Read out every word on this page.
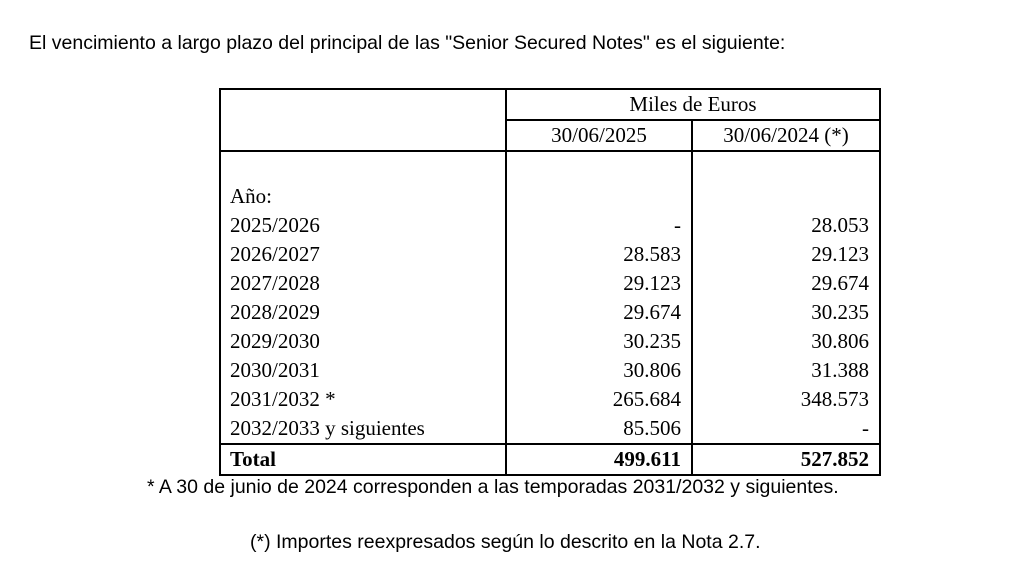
El vencimiento a largo plazo del principal de las "Senior Secured Notes" es el siguiente:
	Miles de Euros	
	30/06/2025	30/06/2024 (*)

Año:		
2025/2026	-	28.053
2026/2027	28.583	29.123
2027/2028	29.123	29.674
2028/2029	29.674	30.235
2029/2030	30.235	30.806
2030/2031	30.806	31.388
2031/2032 *	265.684	348.573
2032/2033 y siguientes	85.506	-
Total	499.611	527.852
* A 30 de junio de 2024 corresponden a las temporadas 2031/2032 y siguientes.
(*) Importes reexpresados según lo descrito en la Nota 2.7.
